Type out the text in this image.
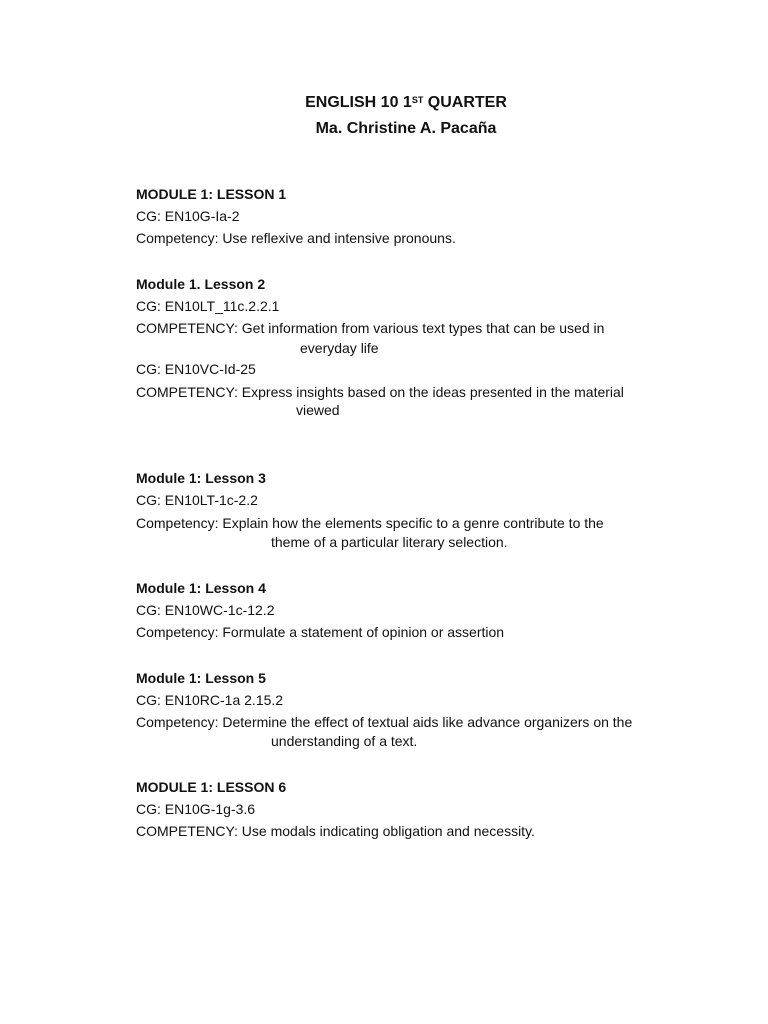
ENGLISH 10 1ST QUARTER
Ma. Christine A. Pacaña
MODULE 1: LESSON 1
CG: EN10G-Ia-2
Competency: Use reflexive and intensive pronouns.
Module 1. Lesson 2
CG: EN10LT_11c.2.2.1
COMPETENCY: Get information from various text types that can be used in
everyday life
CG: EN10VC-Id-25
COMPETENCY: Express insights based on the ideas presented in the material
viewed
Module 1: Lesson 3
CG: EN10LT-1c-2.2
Competency: Explain how the elements specific to a genre contribute to the
theme of a particular literary selection.
Module 1: Lesson 4
CG: EN10WC-1c-12.2
Competency: Formulate a statement of opinion or assertion
Module 1: Lesson 5
CG: EN10RC-1a 2.15.2
Competency: Determine the effect of textual aids like advance organizers on the
understanding of a text.
MODULE 1: LESSON 6
CG: EN10G-1g-3.6
COMPETENCY: Use modals indicating obligation and necessity.
